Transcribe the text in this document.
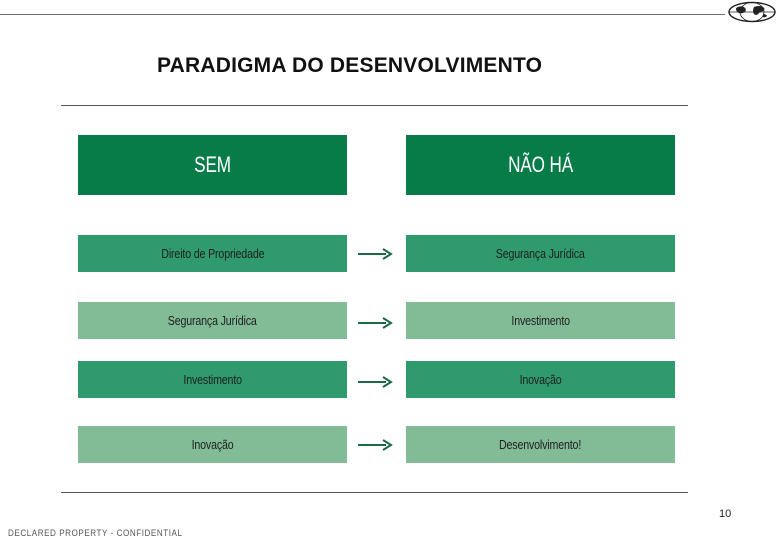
PARADIGMA DO DESENVOLVIMENTO
SEM	NÃO HÁ
Direito de Propriedade	Segurança Jurídica
Segurança Jurídica	Investimento
Investimento	Inovação
Inovação	Desenvolvimento!
10
DECLARED PROPERTY - CONFIDENTIAL
